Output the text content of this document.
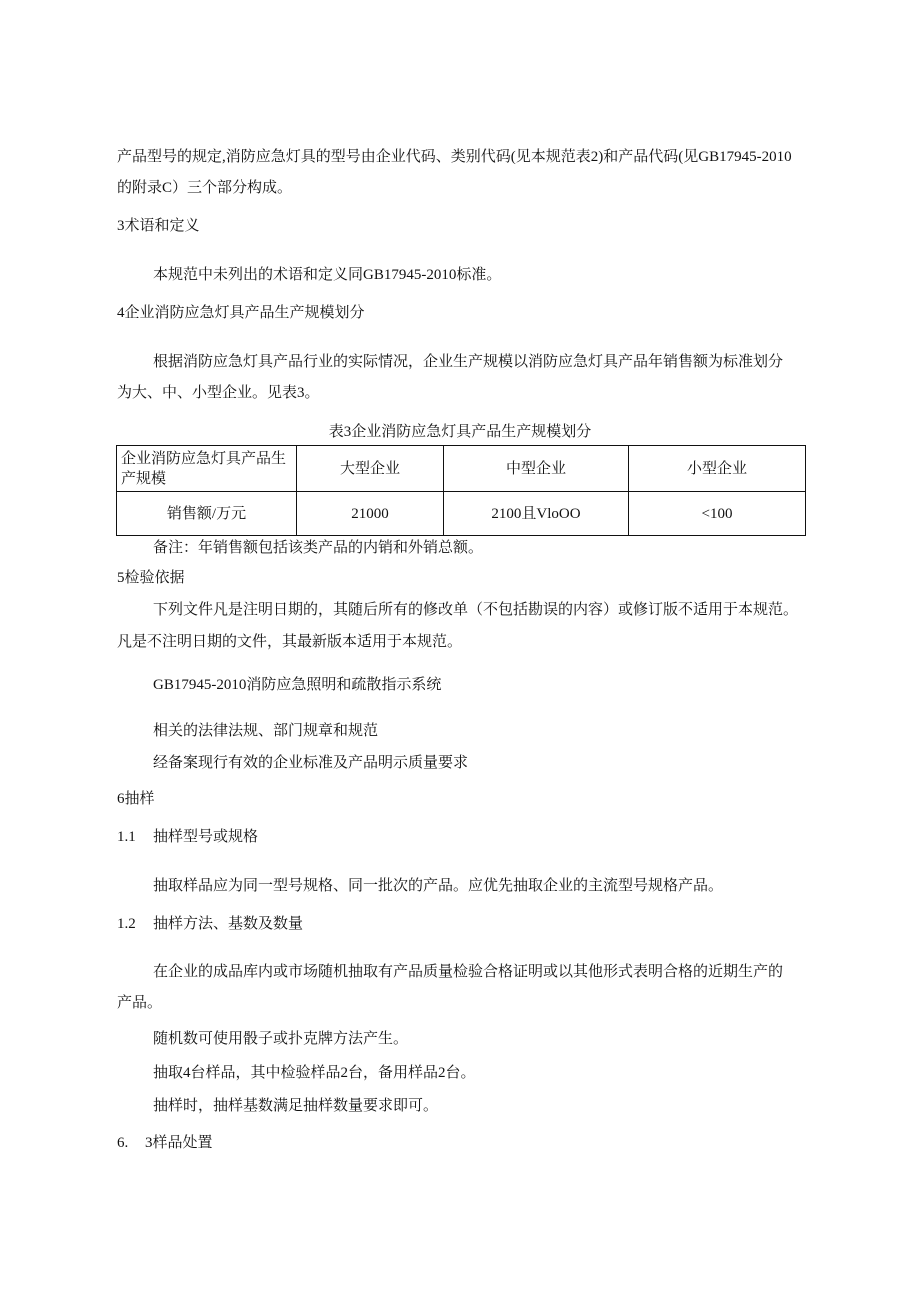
产品型号的规定,消防应急灯具的型号由企业代码、类别代码(见本规范表2)和产品代码(见GB17945-2010
的附录C）三个部分构成。
3术语和定义
本规范中未列出的术语和定义同GB17945-2010标准。
4企业消防应急灯具产品生产规模划分
根据消防应急灯具产品行业的实际情况，企业生产规模以消防应急灯具产品年销售额为标准划分
为大、中、小型企业。见表3。
表3企业消防应急灯具产品生产规模划分
企业消防应急灯具产品生产规模	大型企业	中型企业	小型企业
销售额/万元	21000	2100且VloOO	<100
备注：年销售额包括该类产品的内销和外销总额。
5检验依据
下列文件凡是注明日期的，其随后所有的修改单（不包括勘误的内容）或修订版不适用于本规范。
凡是不注明日期的文件，其最新版本适用于本规范。
GB17945-2010消防应急照明和疏散指示系统
相关的法律法规、部门规章和规范
经备案现行有效的企业标准及产品明示质量要求
6抽样
1.1 抽样型号或规格
抽取样品应为同一型号规格、同一批次的产品。应优先抽取企业的主流型号规格产品。
1.2 抽样方法、基数及数量
在企业的成品库内或市场随机抽取有产品质量检验合格证明或以其他形式表明合格的近期生产的
产品。
随机数可使用骰子或扑克牌方法产生。
抽取4台样品，其中检验样品2台，备用样品2台。
抽样时，抽样基数满足抽样数量要求即可。
6. 3样品处置
